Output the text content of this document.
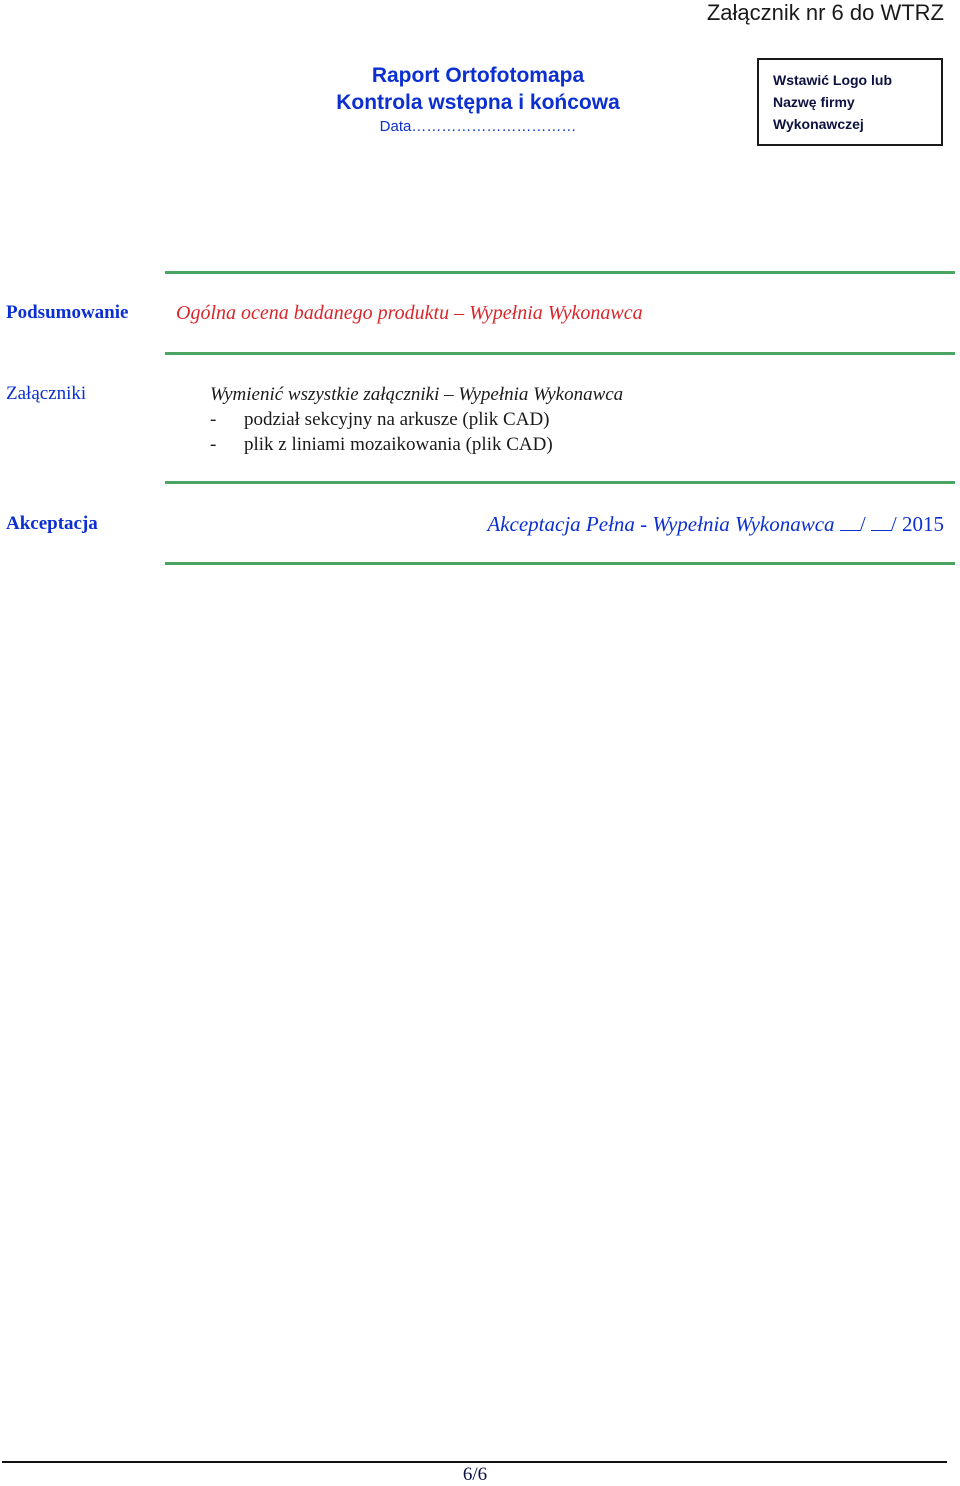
Załącznik nr 6 do WTRZ
Raport Ortofotomapa
Kontrola wstępna i końcowa
Data……………………………
Wstawić Logo lub
Nazwę firmy
Wykonawczej
Podsumowanie Ogólna ocena badanego produktu – Wypełnia Wykonawca
Załączniki	Wymienić wszystkie załączniki – Wypełnia Wykonawca
- podział sekcyjny na arkusze (plik CAD)
- plik z liniami mozaikowania (plik CAD)
Akceptacja	Akceptacja Pełna - Wypełnia Wykonawca / / 2015
6/6
